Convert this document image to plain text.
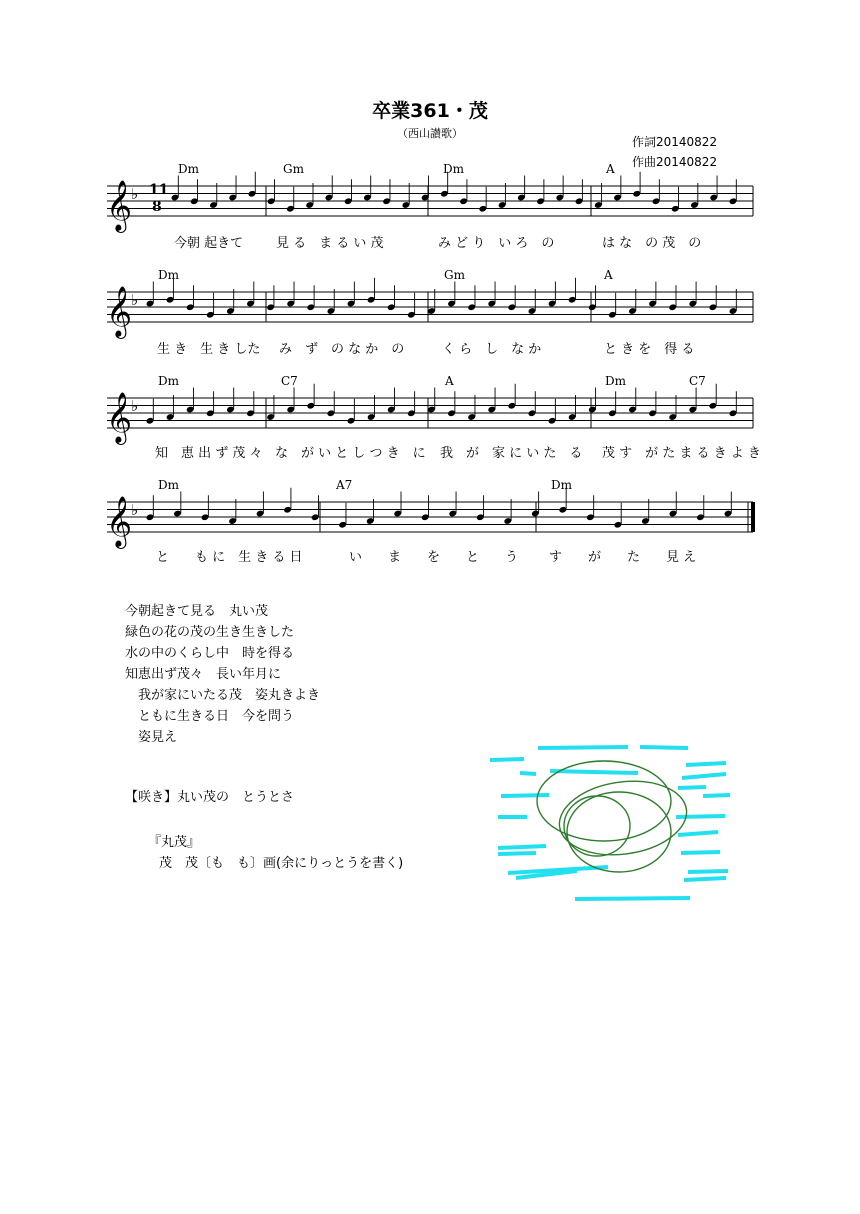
卒業361・茂
（西山讃歌）
作詞20140822
作曲20140822
𝄞
♭
𝄞
♭
𝄞
♭
𝄞
♭
Dm	Gm	Dm	A
今朝 起きて	見 る　ま る い 茂	み ど り　い ろ　の	は な　の 茂　の
Dm	Gm	A
生 き　生 き した み　ず　の な か　の	く ら　し　な か	と き を　得 る
Dm	C7	A	Dm	C7
知　恵 出 ず 茂 々 な　が い と し つ き　に 我　が　家 に い た　る 茂 す　が た ま る き よ き
Dm	A7	Dm
と　　も に　生 き る 日	い　　ま　　を　　と　　う す　　が　　た　　見 え
11
8
今朝起きて見る　丸い茂
緑色の花の茂の生き生きした
水の中のくらし中　時を得る
知恵出ず茂々　長い年月に
　我が家にいたる茂　姿丸きよき
　ともに生きる日　今を問う
　姿見え
【咲き】丸い茂の　とうとさ
『丸茂』
茂　茂〔も　も〕画(余にりっとうを書く)
